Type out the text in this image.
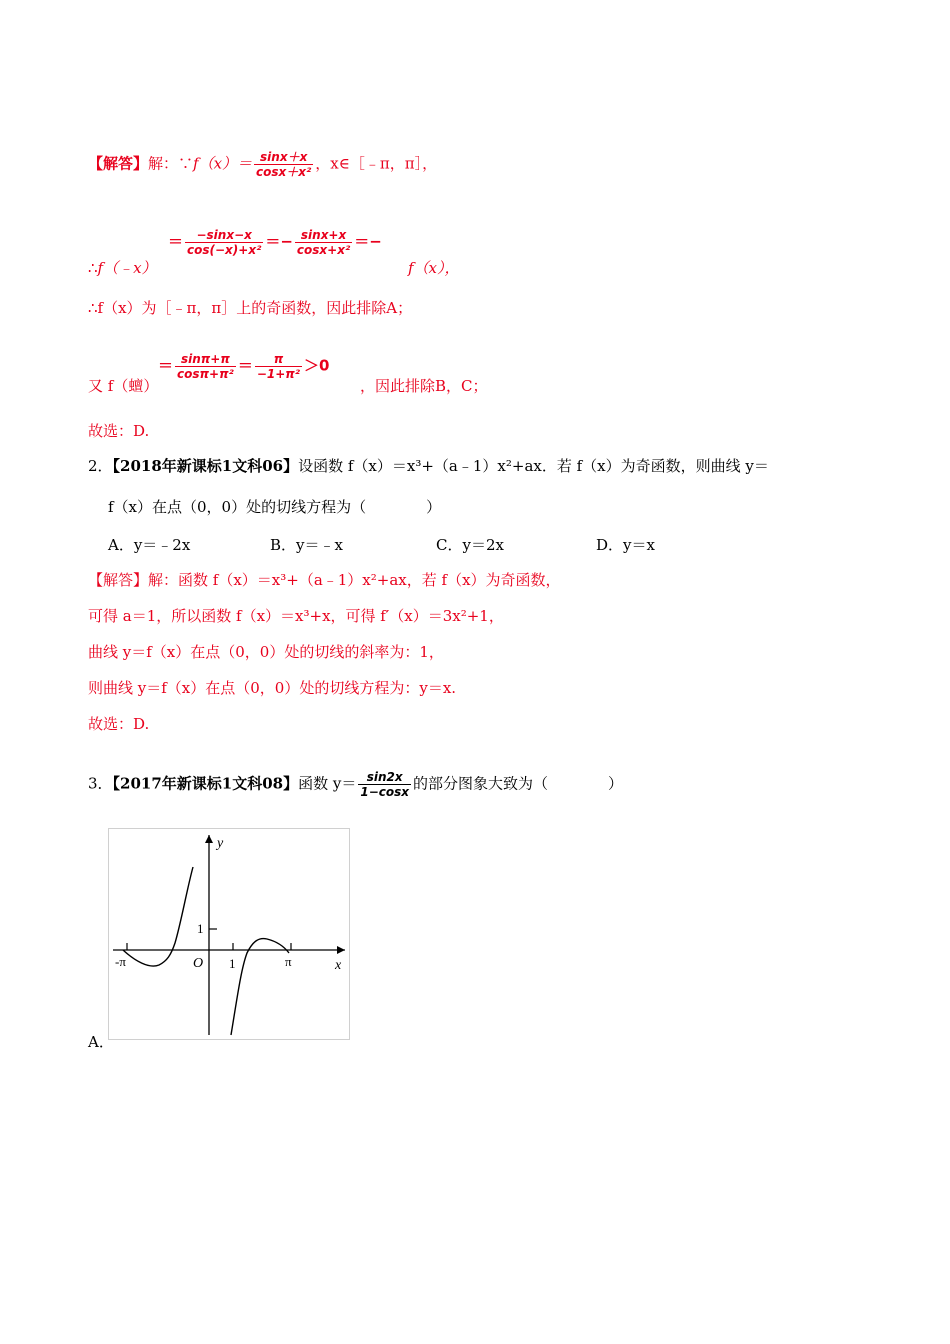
【解答】解：∵f（x）＝ $\frac{\sin x+x}{\text{cosx＋x²}}$ ，x∈［﹣π，π］，
∴f（﹣x）
＝ $\frac{-\sin x-x}{\text{cos(−x)+x²}} =- \frac{\sin x+x}{\text{cosx+x²}}$ ＝−
f（x），
∴f（x）为［﹣π，π］上的奇函数，因此排除A；
又 f（蟺）
＝ $\frac{\sin\pi+\pi}{\text{cosπ+π²}} = \frac{\pi}{\text{−1+π²}} >0$
，因此排除B，C；
故选：D.
2．【2018年新课标1文科06】设函数 f（x）＝x³+（a﹣1）x²+ax．若 f（x）为奇函数，则曲线 y＝
f（x）在点（0，0）处的切线方程为（　　　　）
A．y＝﹣2x	B．y＝﹣x	C．y＝2x	D．y＝x
【解答】解：函数 f（x）＝x³+（a﹣1）x²+ax，若 f（x）为奇函数，
可得 a＝1，所以函数 f（x）＝x³+x，可得 f′（x）＝3x²+1，
曲线 y＝f（x）在点（0，0）处的切线的斜率为：1，
则曲线 y＝f（x）在点（0，0）处的切线方程为：y＝x.
故选：D.
3．【2017年新课标1文科08】函数 $y= \frac{\sin 2x}{1-\cos x}$ 的部分图象大致为（　　　　）
A．
y
x
O
1
1
-π	π
